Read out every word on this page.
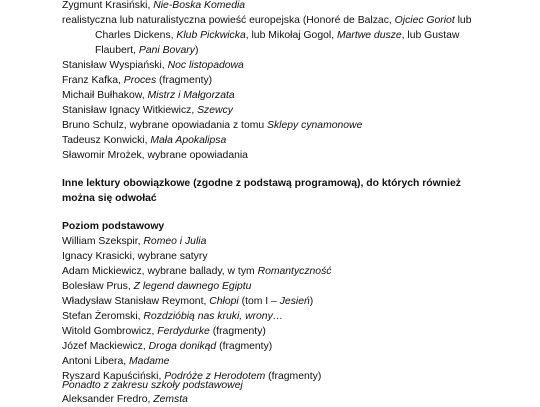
Zygmunt Krasiński, Nie-Boska Komedia
realistyczna lub naturalistyczna powieść europejska (Honoré de Balzac, Ojciec Goriot lub
Charles Dickens, Klub Pickwicka, lub Mikołaj Gogol, Martwe dusze, lub Gustaw
Flaubert, Pani Bovary)
Stanisław Wyspiański, Noc listopadowa
Franz Kafka, Proces (fragmenty)
Michaił Bułhakow, Mistrz i Małgorzata
Stanisław Ignacy Witkiewicz, Szewcy
Bruno Schulz, wybrane opowiadania z tomu Sklepy cynamonowe
Tadeusz Konwicki, Mała Apokalipsa
Sławomir Mrożek, wybrane opowiadania
Inne lektury obowiązkowe (zgodne z podstawą programową), do których również
można się odwołać
Poziom podstawowy
William Szekspir, Romeo i Julia
Ignacy Krasicki, wybrane satyry
Adam Mickiewicz, wybrane ballady, w tym Romantyczność
Bolesław Prus, Z legend dawnego Egiptu
Władysław Stanisław Reymont, Chłopi (tom I – Jesień)
Stefan Żeromski, Rozdzióbią nas kruki, wrony…
Witold Gombrowicz, Ferdydurke (fragmenty)
Józef Mackiewicz, Droga donikąd (fragmenty)
Antoni Libera, Madame
Ryszard Kapuściński, Podróże z Herodotem (fragmenty)
Ponadto z zakresu szkoły podstawowej
Aleksander Fredro, Zemsta
